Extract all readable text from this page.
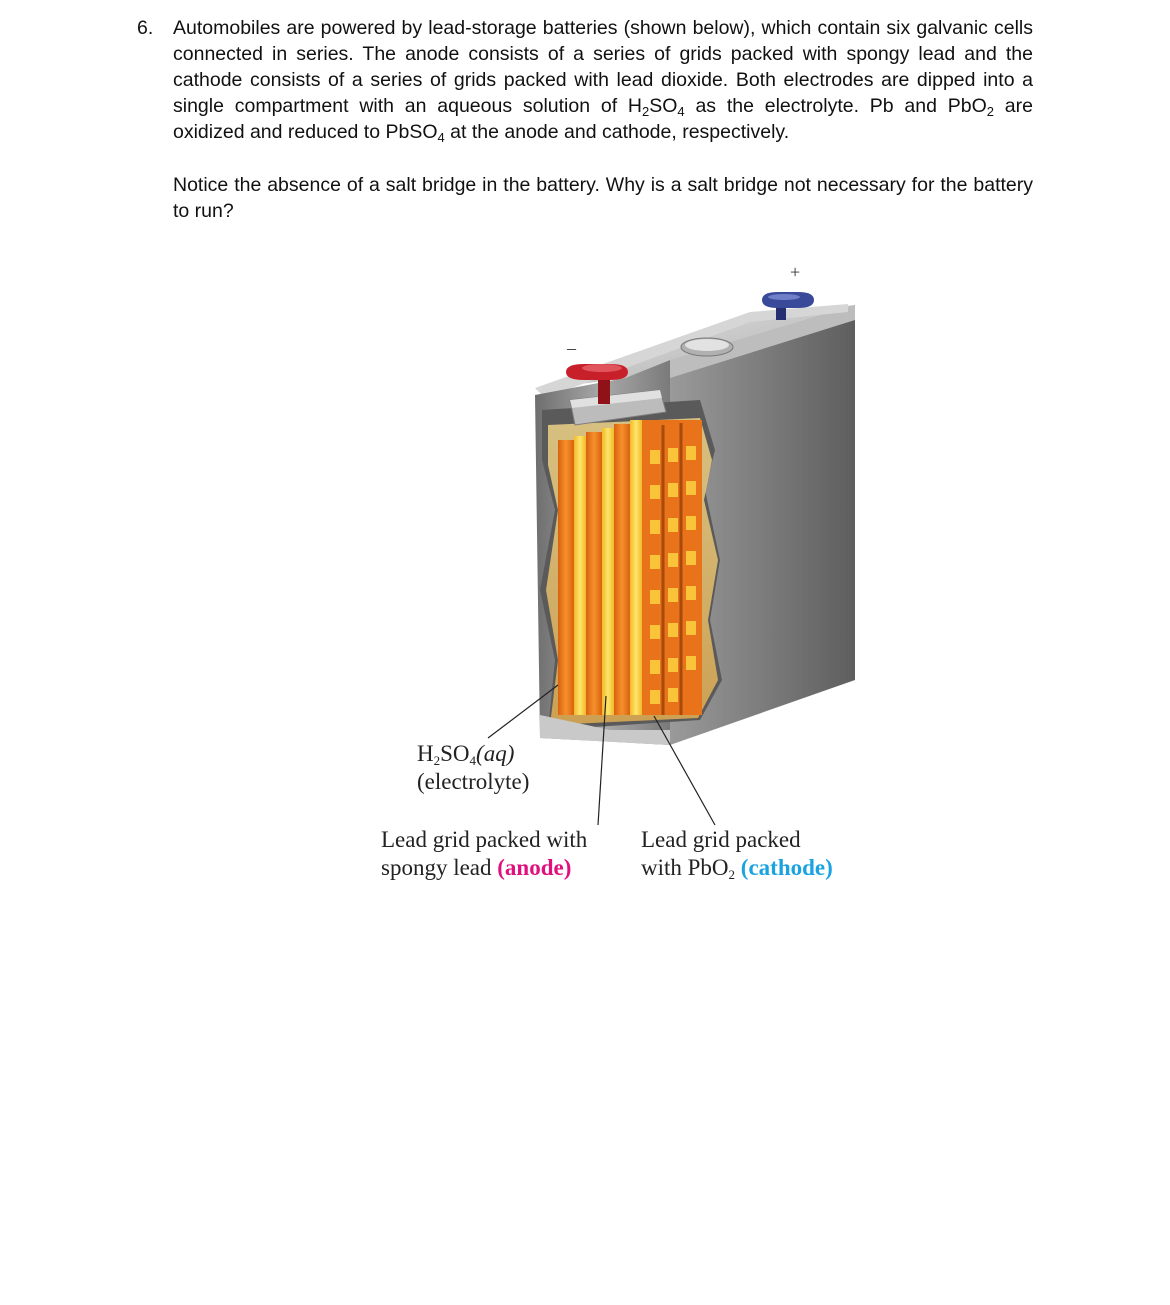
6. Automobiles are powered by lead-storage batteries (shown below), which contain six galvanic cells connected in series. The anode consists of a series of grids packed with spongy lead and the cathode consists of a series of grids packed with lead dioxide. Both electrodes are dipped into a single compartment with an aqueous solution of $H_2SO_4$ as the electrolyte. Pb and PbO$_2$ are oxidized and reduced to PbSO$_4$ at the anode and cathode, respectively.
Notice the absence of a salt bridge in the battery. Why is a salt bridge not necessary for the battery to run?
+
–
$H_2SO_4(aq)$
(electrolyte)
Lead grid packed with
spongy lead (anode)
Lead grid packed
with PbO$_2$ (cathode)
